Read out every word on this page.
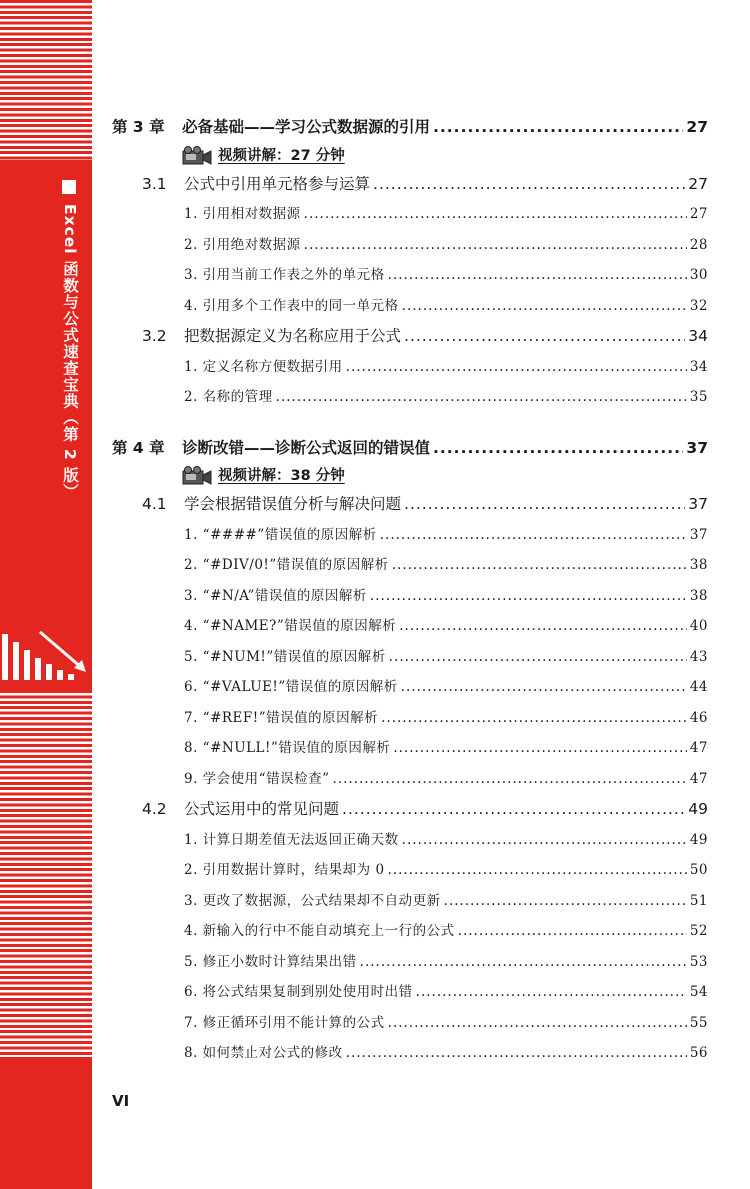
Excel 函数与公式速查宝典（第 2 版）
第 3 章	必备基础——学习公式数据源的引用 .....	27
视频讲解：27 分钟
3.1	公式中引用单元格参与运算 .....	27
1. 引用相对数据源 .....	27
2. 引用绝对数据源 .....	28
3. 引用当前工作表之外的单元格 .....	30
4. 引用多个工作表中的同一单元格 .....	32
3.2	把数据源定义为名称应用于公式 .....	34
1. 定义名称方便数据引用 .....	34
2. 名称的管理 .....	35
第 4 章	诊断改错——诊断公式返回的错误值 .....	37
视频讲解：38 分钟
4.1	学会根据错误值分析与解决问题 .....	37
1. “####”错误值的原因解析 .....	37
2. “#DIV/0!”错误值的原因解析 .....	38
3. “#N/A”错误值的原因解析 .....	38
4. “#NAME?”错误值的原因解析 .....	40
5. “#NUM!”错误值的原因解析 .....	43
6. “#VALUE!”错误值的原因解析 .....	44
7. “#REF!”错误值的原因解析 .....	46
8. “#NULL!”错误值的原因解析 .....	47
9. 学会使用“错误检查” .....	47
4.2	公式运用中的常见问题 .....	49
1. 计算日期差值无法返回正确天数 .....	49
2. 引用数据计算时，结果却为 0 .....	50
3. 更改了数据源，公式结果却不自动更新 .....	51
4. 新输入的行中不能自动填充上一行的公式 .....	52
5. 修正小数时计算结果出错 .....	53
6. 将公式结果复制到别处使用时出错 .....	54
7. 修正循环引用不能计算的公式 .....	55
8. 如何禁止对公式的修改 .....	56
VI
